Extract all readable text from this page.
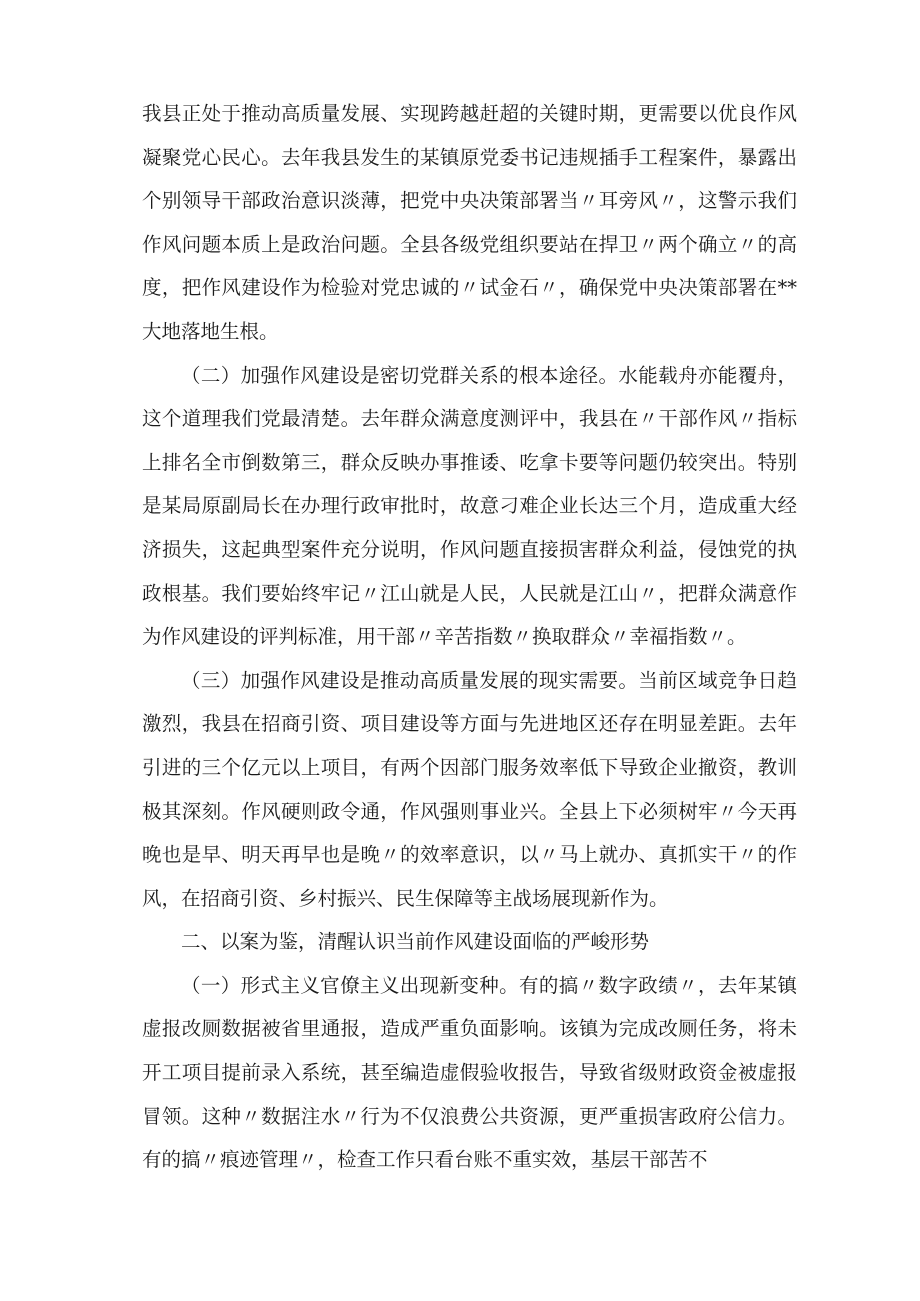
我县正处于推动高质量发展、实现跨越赶超的关键时期，更需要以优良作风凝聚党心民心。去年我县发生的某镇原党委书记违规插手工程案件，暴露出个别领导干部政治意识淡薄，把党中央决策部署当〃耳旁风〃，这警示我们作风问题本质上是政治问题。全县各级党组织要站在捍卫〃两个确立〃的高度，把作风建设作为检验对党忠诚的〃试金石〃，确保党中央决策部署在**大地落地生根。

（二）加强作风建设是密切党群关系的根本途径。水能载舟亦能覆舟，这个道理我们党最清楚。去年群众满意度测评中，我县在〃干部作风〃指标上排名全市倒数第三，群众反映办事推诿、吃拿卡要等问题仍较突出。特别是某局原副局长在办理行政审批时，故意刁难企业长达三个月，造成重大经济损失，这起典型案件充分说明，作风问题直接损害群众利益，侵蚀党的执政根基。我们要始终牢记〃江山就是人民，人民就是江山〃，把群众满意作为作风建设的评判标准，用干部〃辛苦指数〃换取群众〃幸福指数〃。

（三）加强作风建设是推动高质量发展的现实需要。当前区域竞争日趋激烈，我县在招商引资、项目建设等方面与先进地区还存在明显差距。去年引进的三个亿元以上项目，有两个因部门服务效率低下导致企业撤资，教训极其深刻。作风硬则政令通，作风强则事业兴。全县上下必须树牢〃今天再晚也是早、明天再早也是晚〃的效率意识，以〃马上就办、真抓实干〃的作风，在招商引资、乡村振兴、民生保障等主战场展现新作为。

二、以案为鉴，清醒认识当前作风建设面临的严峻形势

（一）形式主义官僚主义出现新变种。有的搞〃数字政绩〃，去年某镇虚报改厕数据被省里通报，造成严重负面影响。该镇为完成改厕任务，将未开工项目提前录入系统，甚至编造虚假验收报告，导致省级财政资金被虚报冒领。这种〃数据注水〃行为不仅浪费公共资源，更严重损害政府公信力。有的搞〃痕迹管理〃，检查工作只看台账不重实效，基层干部苦不
